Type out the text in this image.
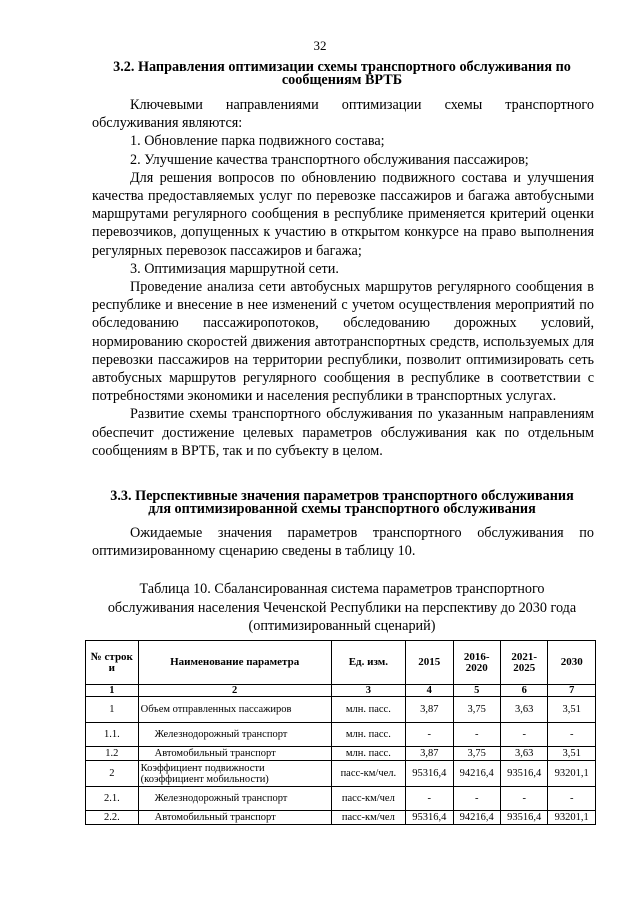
32
3.2. Направления оптимизации схемы транспортного обслуживания по
сообщениям ВРТБ

Ключевыми направлениями оптимизации схемы транспортного обслуживания являются:

1. Обновление парка подвижного состава;

2. Улучшение качества транспортного обслуживания пассажиров;

Для решения вопросов по обновлению подвижного состава и улучшения качества предоставляемых услуг по перевозке пассажиров и багажа автобусными маршрутами регулярного сообщения в республике применяется критерий оценки перевозчиков, допущенных к участию в открытом конкурсе на право выполнения регулярных перевозок пассажиров и багажа;

3. Оптимизация маршрутной сети.

Проведение анализа сети автобусных маршрутов регулярного сообщения в республике и внесение в нее изменений с учетом осуществления мероприятий по обследованию пассажиропотоков, обследованию дорожных условий, нормированию скоростей движения автотранспортных средств, используемых для перевозки пассажиров на территории республики, позволит оптимизировать сеть автобусных маршрутов регулярного сообщения в республике в соответствии с потребностями экономики и населения республики в транспортных услугах.

Развитие схемы транспортного обслуживания по указанным направлениям обеспечит достижение целевых параметров обслуживания как по отдельным сообщениям в ВРТБ, так и по субъекту в целом.

3.3. Перспективные значения параметров транспортного обслуживания
для оптимизированной схемы транспортного обслуживания

Ожидаемые значения параметров транспортного обслуживания по оптимизированному сценарию сведены в таблицу 10.

Таблица 10. Сбалансированная система параметров транспортного
обслуживания населения Чеченской Республики на перспективу до 2030 года
(оптимизированный сценарий)
№ строк и	Наименование параметра	Ед. изм.	2015	2016-2020	2021-2025	2030
1	2	3	4	5	6	7
1	Объем отправленных пассажиров	млн. пасс.	3,87	3,75	3,63	3,51
1.1.	Железнодорожный транспорт	млн. пасс.	-	-	-	-
1.2	Автомобильный транспорт	млн. пасс.	3,87	3,75	3,63	3,51
2	Коэффициент подвижности (коэффициент мобильности)	пасс-км/чел.	95316,4	94216,4	93516,4	93201,1
2.1.	Железнодорожный транспорт	пасс-км/чел	-	-	-	-
2.2.	Автомобильный транспорт	пасс-км/чел	95316,4	94216,4	93516,4	93201,1
